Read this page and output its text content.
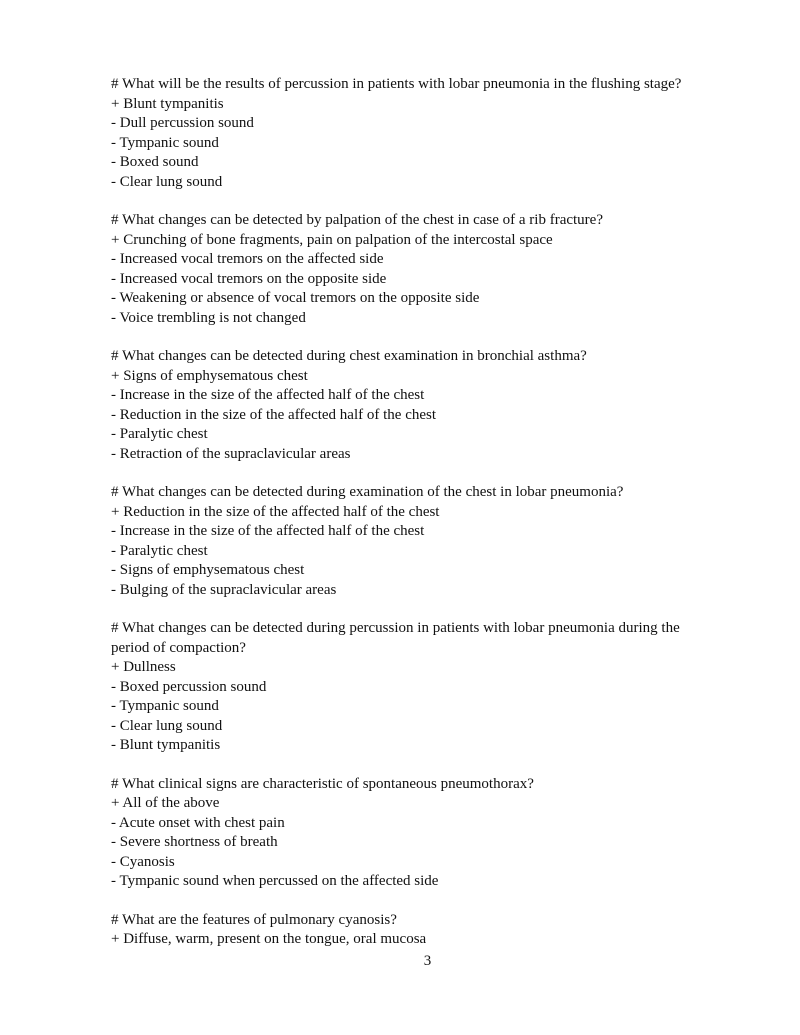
# What will be the results of percussion in patients with lobar pneumonia in the flushing stage?

+ Blunt tympanitis

- Dull percussion sound

- Tympanic sound

- Boxed sound

- Clear lung sound

# What changes can be detected by palpation of the chest in case of a rib fracture?

+ Crunching of bone fragments, pain on palpation of the intercostal space

- Increased vocal tremors on the affected side

- Increased vocal tremors on the opposite side

- Weakening or absence of vocal tremors on the opposite side

- Voice trembling is not changed

# What changes can be detected during chest examination in bronchial asthma?

+ Signs of emphysematous chest

- Increase in the size of the affected half of the chest

- Reduction in the size of the affected half of the chest

- Paralytic chest

- Retraction of the supraclavicular areas

# What changes can be detected during examination of the chest in lobar pneumonia?

+ Reduction in the size of the affected half of the chest

- Increase in the size of the affected half of the chest

- Paralytic chest

- Signs of emphysematous chest

- Bulging of the supraclavicular areas

# What changes can be detected during percussion in patients with lobar pneumonia during the period of compaction?

+ Dullness

- Boxed percussion sound

- Tympanic sound

- Clear lung sound

- Blunt tympanitis

# What clinical signs are characteristic of spontaneous pneumothorax?

+ All of the above

- Acute onset with chest pain

- Severe shortness of breath

- Cyanosis

- Tympanic sound when percussed on the affected side

# What are the features of pulmonary cyanosis?

+ Diffuse, warm, present on the tongue, oral mucosa

3
